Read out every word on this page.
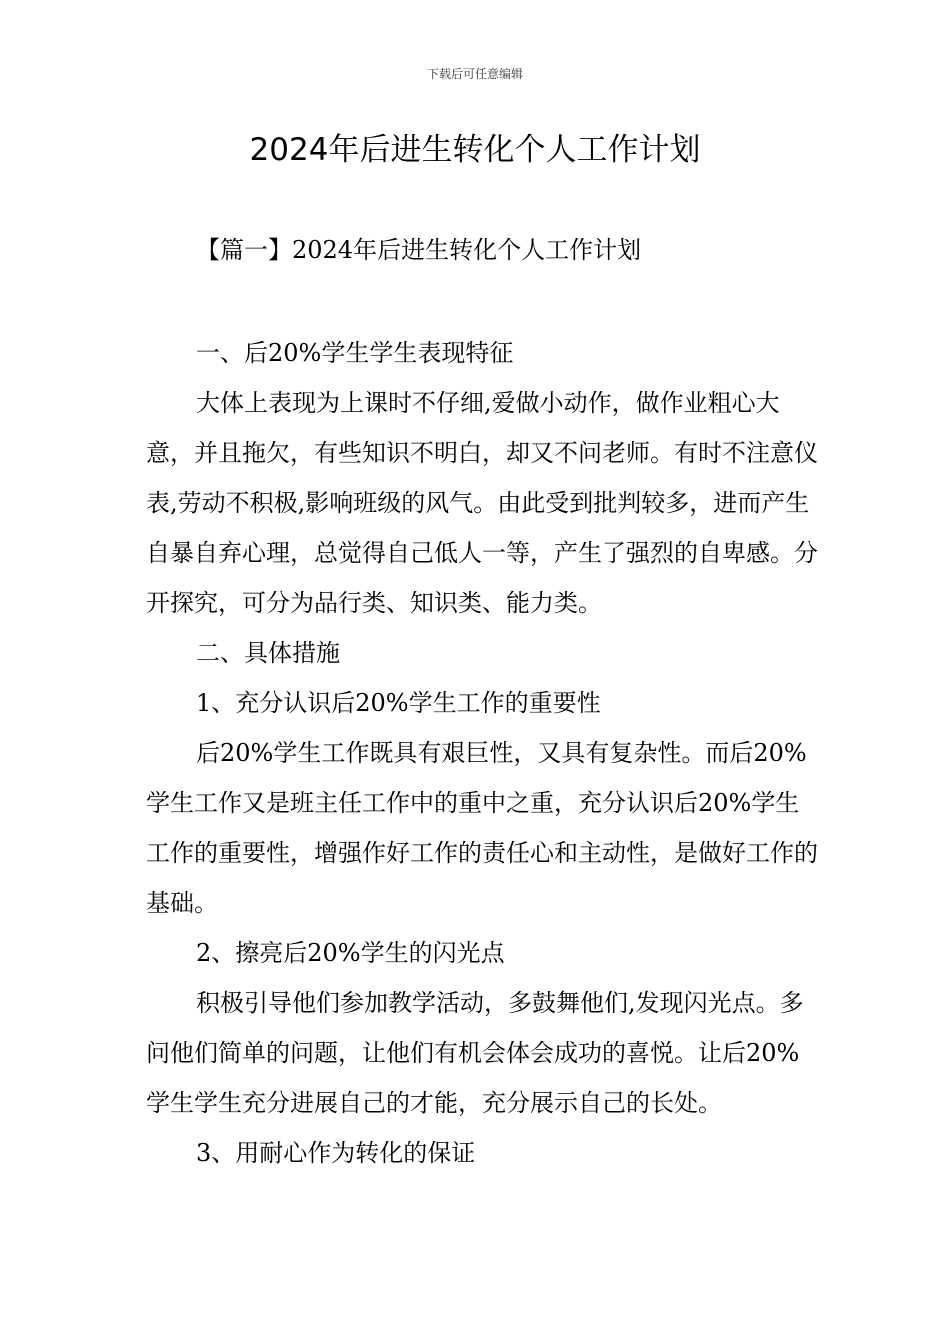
下载后可任意编辑
2024年后进生转化个人工作计划
【篇一】2024年后进生转化个人工作计划

一、后20%学生学生表现特征

大体上表现为上课时不仔细,爱做小动作，做作业粗心大意，并且拖欠，有些知识不明白，却又不问老师。有时不注意仪表,劳动不积极,影响班级的风气。由此受到批判较多，进而产生自暴自弃心理，总觉得自己低人一等，产生了强烈的自卑感。分开探究，可分为品行类、知识类、能力类。

二、具体措施

1、充分认识后20%学生工作的重要性

后20%学生工作既具有艰巨性，又具有复杂性。而后20%学生工作又是班主任工作中的重中之重，充分认识后20%学生工作的重要性，增强作好工作的责任心和主动性，是做好工作的基础。

2、擦亮后20%学生的闪光点

积极引导他们参加教学活动，多鼓舞他们,发现闪光点。多问他们简单的问题，让他们有机会体会成功的喜悦。让后20%学生学生充分进展自己的才能，充分展示自己的长处。

3、用耐心作为转化的保证
